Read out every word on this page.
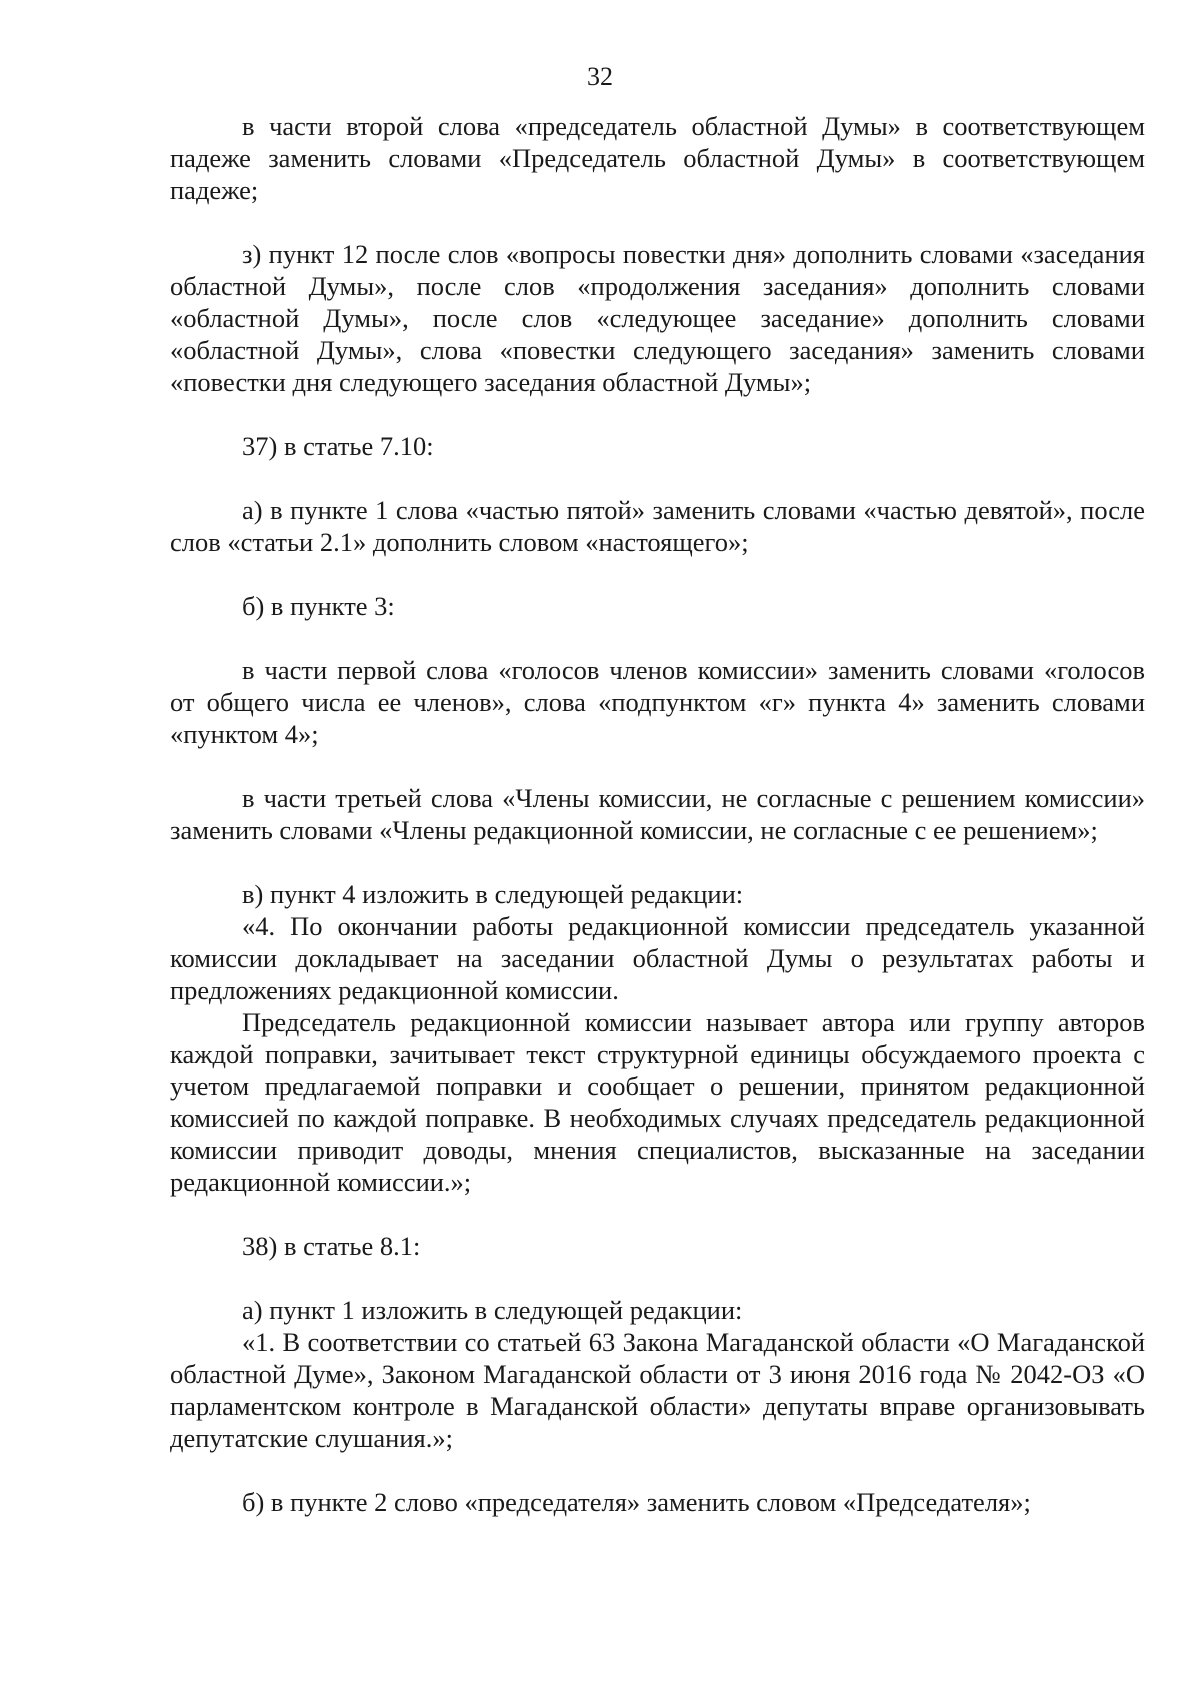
32

в части второй слова «председатель областной Думы» в соответствующем падеже заменить словами «Председатель областной Думы» в соответствующем падеже;

з) пункт 12 после слов «вопросы повестки дня» дополнить словами «заседания областной Думы», после слов «продолжения заседания» дополнить словами «областной Думы», после слов «следующее заседание» дополнить словами «областной Думы», слова «повестки следующего заседания» заменить словами «повестки дня следующего заседания областной Думы»;

37) в статье 7.10:

а) в пункте 1 слова «частью пятой» заменить словами «частью девятой», после слов «статьи 2.1» дополнить словом «настоящего»;

б) в пункте 3:

в части первой слова «голосов членов комиссии» заменить словами «голосов от общего числа ее членов», слова «подпунктом «г» пункта 4» заменить словами «пунктом 4»;

в части третьей слова «Члены комиссии, не согласные с решением комиссии» заменить словами «Члены редакционной комиссии, не согласные с ее решением»;

в) пункт 4 изложить в следующей редакции:

«4. По окончании работы редакционной комиссии председатель указанной комиссии докладывает на заседании областной Думы о результатах работы и предложениях редакционной комиссии.

Председатель редакционной комиссии называет автора или группу авторов каждой поправки, зачитывает текст структурной единицы обсуждаемого проекта с учетом предлагаемой поправки и сообщает о решении, принятом редакционной комиссией по каждой поправке. В необходимых случаях председатель редакционной комиссии приводит доводы, мнения специалистов, высказанные на заседании редакционной комиссии.»;

38) в статье 8.1:

а) пункт 1 изложить в следующей редакции:

«1. В соответствии со статьей 63 Закона Магаданской области «О Магаданской областной Думе», Законом Магаданской области от 3 июня 2016 года № 2042-ОЗ «О парламентском контроле в Магаданской области» депутаты вправе организовывать депутатские слушания.»;

б) в пункте 2 слово «председателя» заменить словом «Председателя»;
